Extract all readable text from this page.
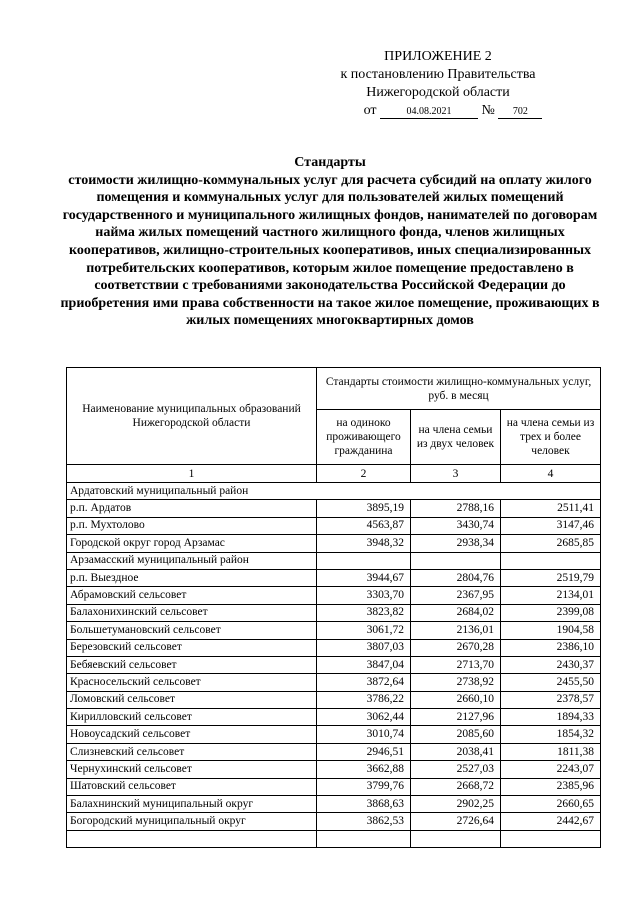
ПРИЛОЖЕНИЕ 2
к постановлению Правительства
Нижегородской области
от	04.08.2021 № 702
Стандарты
стоимости жилищно-коммунальных услуг для расчета субсидий на оплату жилого помещения и коммунальных услуг для пользователей жилых помещений государственного и муниципального жилищных фондов, нанимателей по договорам найма жилых помещений частного жилищного фонда, членов жилищных кооперативов, жилищно-строительных кооперативов, иных специализированных потребительских кооперативов, которым жилое помещение предоставлено в соответствии с требованиями законодательства Российской Федерации до приобретения ими права собственности на такое жилое помещение, проживающих в жилых помещениях многоквартирных домов
Наименование муниципальных образований Нижегородской области	Стандарты стоимости жилищно-коммунальных услуг, руб. в месяц		
	на одиноко проживающего гражданина	на члена семьи из двух человек	на члена семьи из трех и более человек
1	2	3	4
Ардатовский муниципальный район			
р.п. Ардатов	3895,19	2788,16	2511,41
р.п. Мухтолово	4563,87	3430,74	3147,46
Городской округ город Арзамас	3948,32	2938,34	2685,85
Арзамасский муниципальный район			
р.п. Выездное	3944,67	2804,76	2519,79
Абрамовский сельсовет	3303,70	2367,95	2134,01
Балахонихинский сельсовет	3823,82	2684,02	2399,08
Большетумановский сельсовет	3061,72	2136,01	1904,58
Березовский сельсовет	3807,03	2670,28	2386,10
Бебяевский сельсовет	3847,04	2713,70	2430,37
Красносельский сельсовет	3872,64	2738,92	2455,50
Ломовский сельсовет	3786,22	2660,10	2378,57
Кирилловский сельсовет	3062,44	2127,96	1894,33
Новоусадский сельсовет	3010,74	2085,60	1854,32
Слизневский сельсовет	2946,51	2038,41	1811,38
Чернухинский сельсовет	3662,88	2527,03	2243,07
Шатовский сельсовет	3799,76	2668,72	2385,96
Балахнинский муниципальный округ	3868,63	2902,25	2660,65
Богородский муниципальный округ	3862,53	2726,64	2442,67
